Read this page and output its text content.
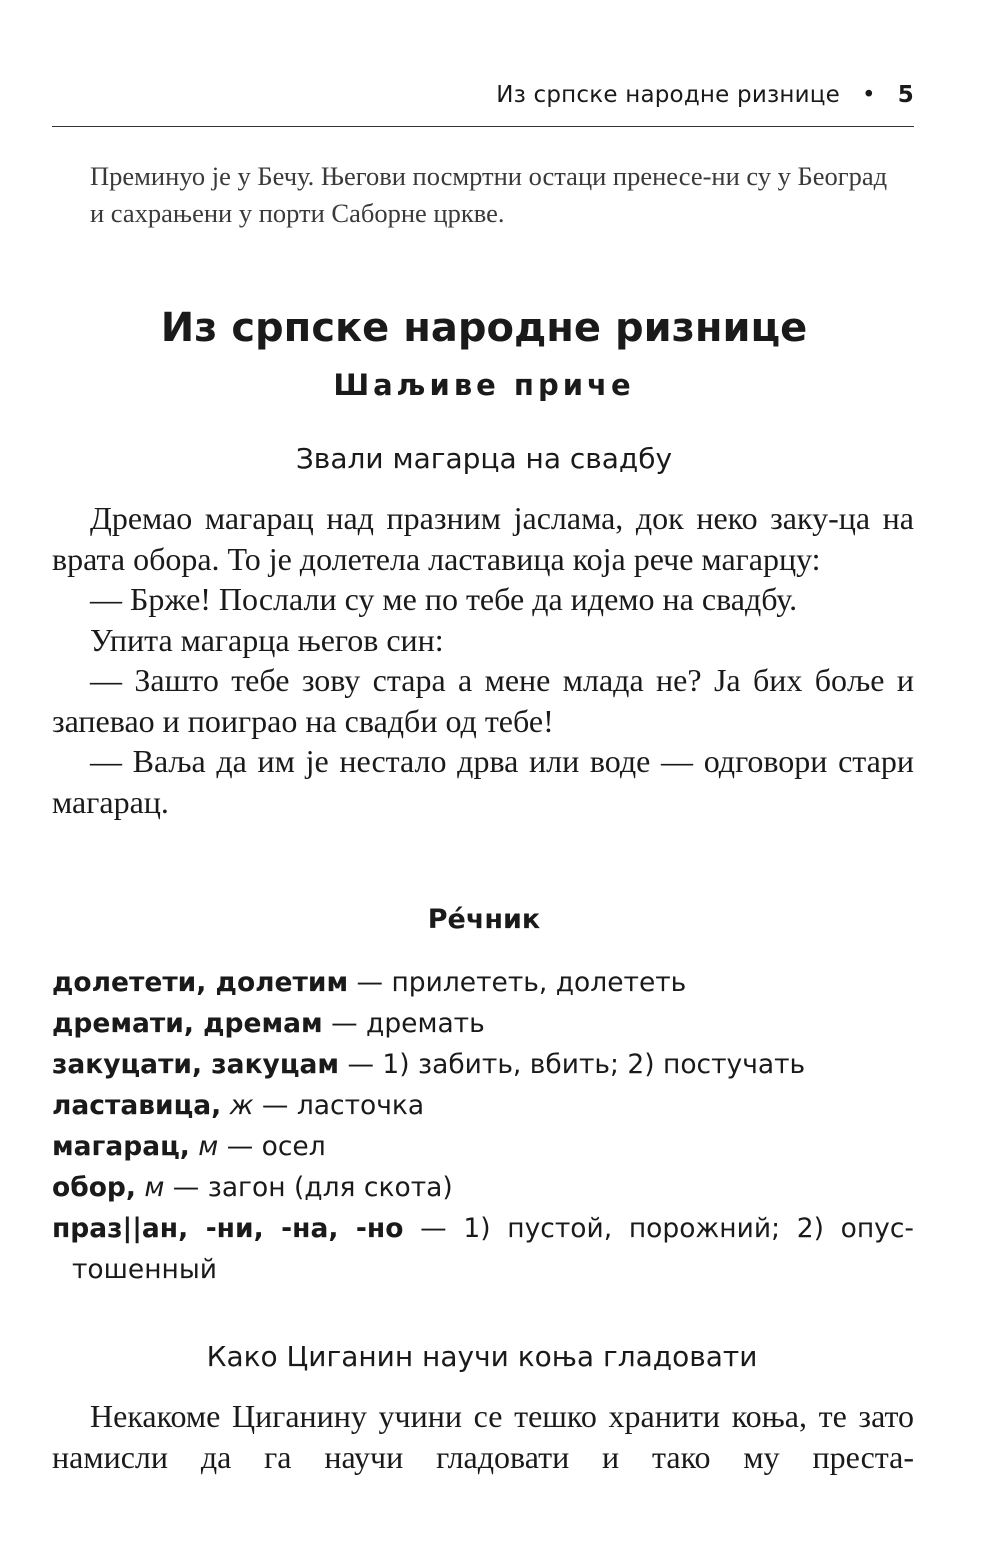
Из српске народне ризнице • 5

Преминуо је у Бечу. Његови посмртни остаци пренесе-ни су у Београд и сахрањени у порти Саборне цркве.

Из српске народне ризнице
Шаљиве приче
Звали магарца на свадбу

Дремао магарац над празним јаслама, док неко заку-ца на врата обора. То је долетела ластавица која рече магарцу:

— Брже! Послали су ме по тебе да идемо на свадбу.

Упита магарца његов син:

— Зашто тебе зову стара а мене млада не? Ја бих боље и запевао и поиграо на свадби од тебе!

— Ваља да им је нестало дрва или воде — одговори стари магарац.

Ре́чник

долетети, долетим — прилететь, долететь

дремати, дремам — дремать

закуцати, закуцам — 1) забить, вбить; 2) постучать

ластавица, ж — ласточка

магарац, м — осел

обор, м — загон (для скота)

праз||ан, -ни, -на, -но — 1) пустой, порожний; 2) опус-тошенный

Како Циганин научи коња гладовати

Некакоме Циганину учини се тешко хранити коња, те зато намисли да га научи гладовати и тако му преста-
